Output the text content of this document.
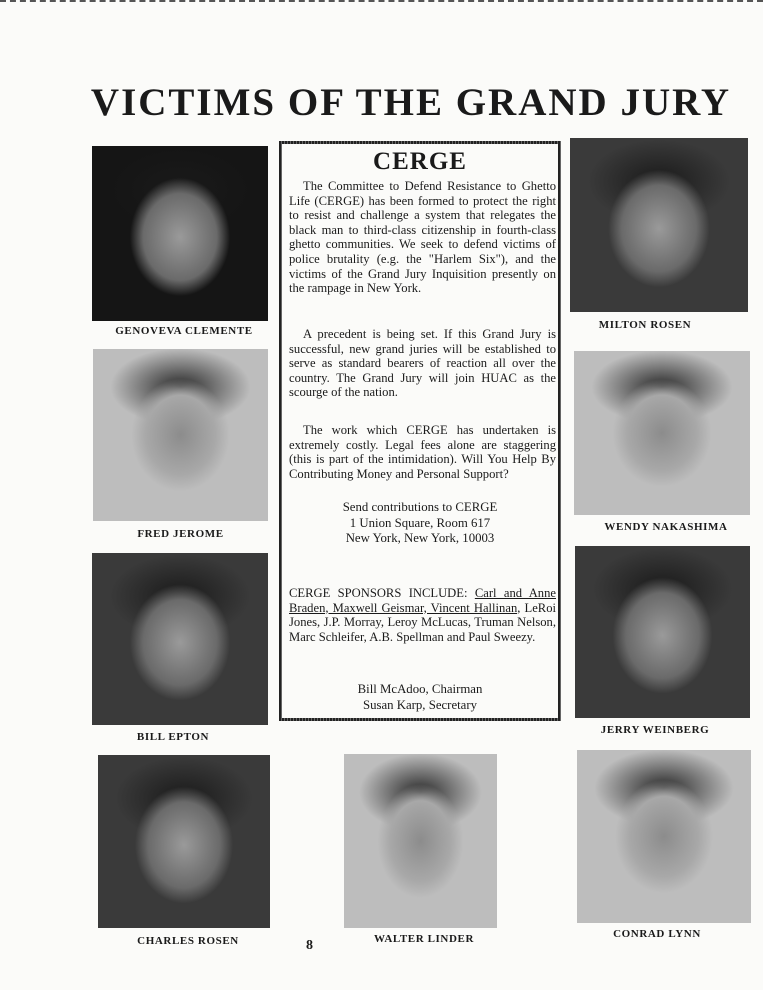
VICTIMS OF THE GRAND JURY
GENOVEVA CLEMENTE
FRED JEROME
BILL EPTON
CHARLES ROSEN	WALTER LINDER
8
MILTON ROSEN
WENDY NAKASHIMA
JERRY WEINBERG
CONRAD LYNN
CERGE

The Committee to Defend Resistance to Ghetto Life (CERGE) has been formed to protect the right to resist and challenge a system that relegates the black man to third-class citizenship in fourth-class ghetto communities. We seek to defend victims of police brutality (e.g. the "Harlem Six"), and the victims of the Grand Jury Inquisition presently on the rampage in New York.

A precedent is being set. If this Grand Jury is successful, new grand juries will be established to serve as standard bearers of reaction all over the country. The Grand Jury will join HUAC as the scourge of the nation.

The work which CERGE has undertaken is extremely costly. Legal fees alone are staggering (this is part of the intimidation). Will You Help By Contributing Money and Personal Support?

Send contributions to CERGE
1 Union Square, Room 617
New York, New York, 10003

CERGE SPONSORS INCLUDE: Carl and Anne Braden, Maxwell Geismar, Vincent Hallinan, LeRoi Jones, J.P. Morray, Leroy McLucas, Truman Nelson, Marc Schleifer, A.B. Spellman and Paul Sweezy.

Bill McAdoo, Chairman
Susan Karp, Secretary
